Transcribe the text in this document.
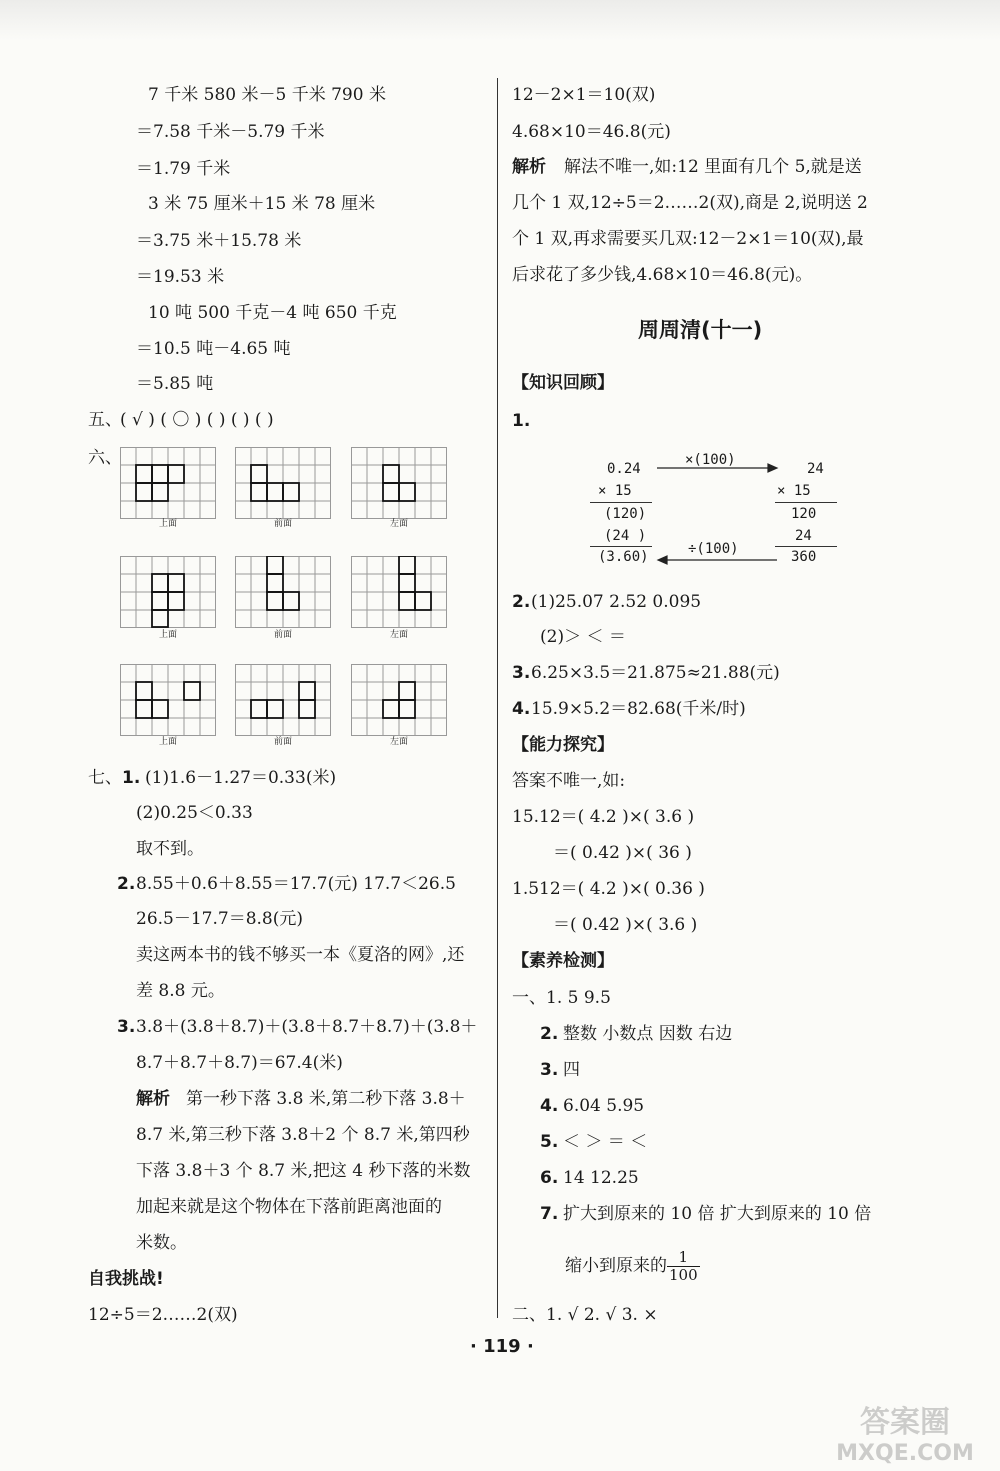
7 千米 580 米－5 千米 790 米
＝7.58 千米－5.79 千米
＝1.79 千米
3 米 75 厘米＋15 米 78 厘米
＝3.75 米＋15.78 米
＝19.53 米
10 吨 500 千克－4 吨 650 千克
＝10.5 吨－4.65 吨
＝5.85 吨
五、
( √ ) ( 〇 ) ( ) ( ) ( )
六、
上面	前面	左面
上面	前面	左面
上面	前面	左面
七、1. (1)1.6－1.27＝0.33(米)
(2)0.25＜0.33
取不到。
2. 8.55＋0.6＋8.55＝17.7(元) 17.7＜26.5
26.5－17.7＝8.8(元)
卖这两本书的钱不够买一本《夏洛的网》,还
差 8.8 元。
3. 3.8＋(3.8＋8.7)＋(3.8＋8.7＋8.7)＋(3.8＋
8.7＋8.7＋8.7)＝67.4(米)
解析 第一秒下落 3.8 米,第二秒下落 3.8＋
8.7 米,第三秒下落 3.8＋2 个 8.7 米,第四秒
下落 3.8＋3 个 8.7 米,把这 4 秒下落的米数
加起来就是这个物体在下落前距离池面的
米数。
自我挑战!
12÷5＝2……2(双)
12－2×1＝10(双)
4.68×10＝46.8(元)
解析 解法不唯一,如:12 里面有几个 5,就是送
几个 1 双,12÷5＝2……2(双),商是 2,说明送 2
个 1 双,再求需要买几双:12－2×1＝10(双),最
后求花了多少钱,4.68×10＝46.8(元)。
周周清(十一)
【知识回顾】
1.
0.24
× 15
(120)
(24 )
(3.60)
24
× 15
120
24
360
×(100)
÷(100)
2. (1)25.07 2.52 0.095
(2)＞ ＜ ＝
3. 6.25×3.5＝21.875≈21.88(元)
4. 15.9×5.2＝82.68(千米/时)
【能力探究】
答案不唯一,如:
15.12＝( 4.2 )×( 3.6 )
＝( 0.42 )×( 36 )
1.512＝( 4.2 )×( 0.36 )
＝( 0.42 )×( 3.6 )
【素养检测】
一、1. 5 9.5
2. 整数 小数点 因数 右边
3. 四
4. 6.04 5.95
5. ＜ ＞ ＝ ＜
6. 14 12.25
7. 扩大到原来的 10 倍 扩大到原来的 10 倍
缩小到原来的 $\frac{1}{100}$
二、1. √ 2. √ 3. ×
· 119 ·
答案圈
MXQE.COM
